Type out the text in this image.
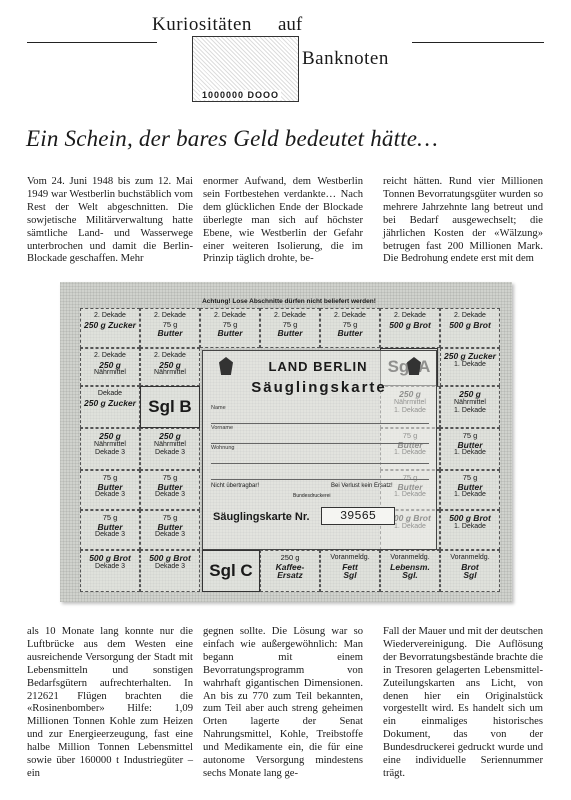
Kuriositäten auf
Banknoten
1000000 DOOO
Ein Schein, der bares Geld bedeutet hätte…

Vom 24. Juni 1948 bis zum 12. Mai 1949 war Westberlin buchstäblich vom Rest der Welt abgeschnitten. Die sowjetische Militärverwaltung hatte sämtliche Land- und Wasserwege unterbrochen und damit die Berlin-Blockade geschaffen. Mehr

enormer Aufwand, dem Westberlin sein Fortbestehen verdankte… Nach dem glücklichen Ende der Blockade überlegte man sich auf höchster Ebene, wie Westberlin der Gefahr einer weiteren Isolierung, die im Prinzip täglich drohte, be-

reicht hätten. Rund vier Millionen Tonnen Bevorratungsgüter wurden so mehrere Jahrzehnte lang betreut und bei Bedarf ausgewechselt; die jährlichen Kosten der «Wälzung» betrugen fast 200 Millionen Mark. Die Bedrohung endete erst mit dem

Achtung! Lose Abschnitte dürfen nicht beliefert werden!
2. Dekade
250 g Zucker
2. Dekade
75 g
Butter
2. Dekade
75 g
Butter
2. Dekade
75 g
Butter
2. Dekade
75 g
Butter
2. Dekade
500 g Brot
2. Dekade
500 g Brot
2. Dekade
250 g
Nährmittel
2. Dekade
250 g
Nährmittel
250 g Zucker
1. Dekade
Dekade
250 g Zucker Sgl B
250 g
Nährmittel
1. Dekade
250 g
Nährmittel
Dekade 3
250 g
Nährmittel
Dekade 3
75 g
Butter
1. Dekade
75 g
Butter
Dekade 3
75 g
Butter
Dekade 3
75 g
Butter
1. Dekade
75 g
Butter
Dekade 3
75 g
Butter
Dekade 3
500 g Brot
1. Dekade
500 g Brot
Dekade 3
500 g Brot
Dekade 3	Sgl C
250 g
Kaffee-
Ersatz
Voranmeldg.
Fett
Sgl
Voranmeldg.
Lebensm.
Sgl.
Voranmeldg.
Brot
Sgl
LAND BERLIN
Säuglingskarte
Name
Vorname
Wohnung
Nicht übertragbar!	Bei Verlust kein Ersatz!
Bundesdruckerei
Säuglingskarte Nr.	39565

als 10 Monate lang konnte nur die Luftbrücke aus dem Westen eine ausreichende Versorgung der Stadt mit Lebensmitteln und sonstigen Bedarfsgütern aufrechterhalten. In 212621 Flügen brachten die «Rosinenbomber» Hilfe: 1,09 Millionen Tonnen Kohle zum Heizen und zur Energieerzeugung, fast eine halbe Million Tonnen Lebensmittel sowie über 160000 t Industriegüter – ein

gegnen sollte. Die Lösung war so einfach wie außergewöhnlich: Man begann mit einem Bevorratungsprogramm von wahrhaft gigantischen Dimensionen. An bis zu 770 zum Teil bekannten, zum Teil aber auch streng geheimen Orten lagerte der Senat Nahrungsmittel, Kohle, Treibstoffe und Medikamente ein, die für eine autonome Versorgung mindestens sechs Monate lang ge-

Fall der Mauer und mit der deutschen Wiedervereinigung. Die Auflösung der Bevorratungsbestände brachte die in Tresoren gelagerten Lebensmittel-Zuteilungskarten ans Licht, von denen hier ein Originalstück vorgestellt wird. Es handelt sich um ein einmaliges historisches Dokument, das von der Bundesdruckerei gedruckt wurde und eine individuelle Seriennummer trägt.
